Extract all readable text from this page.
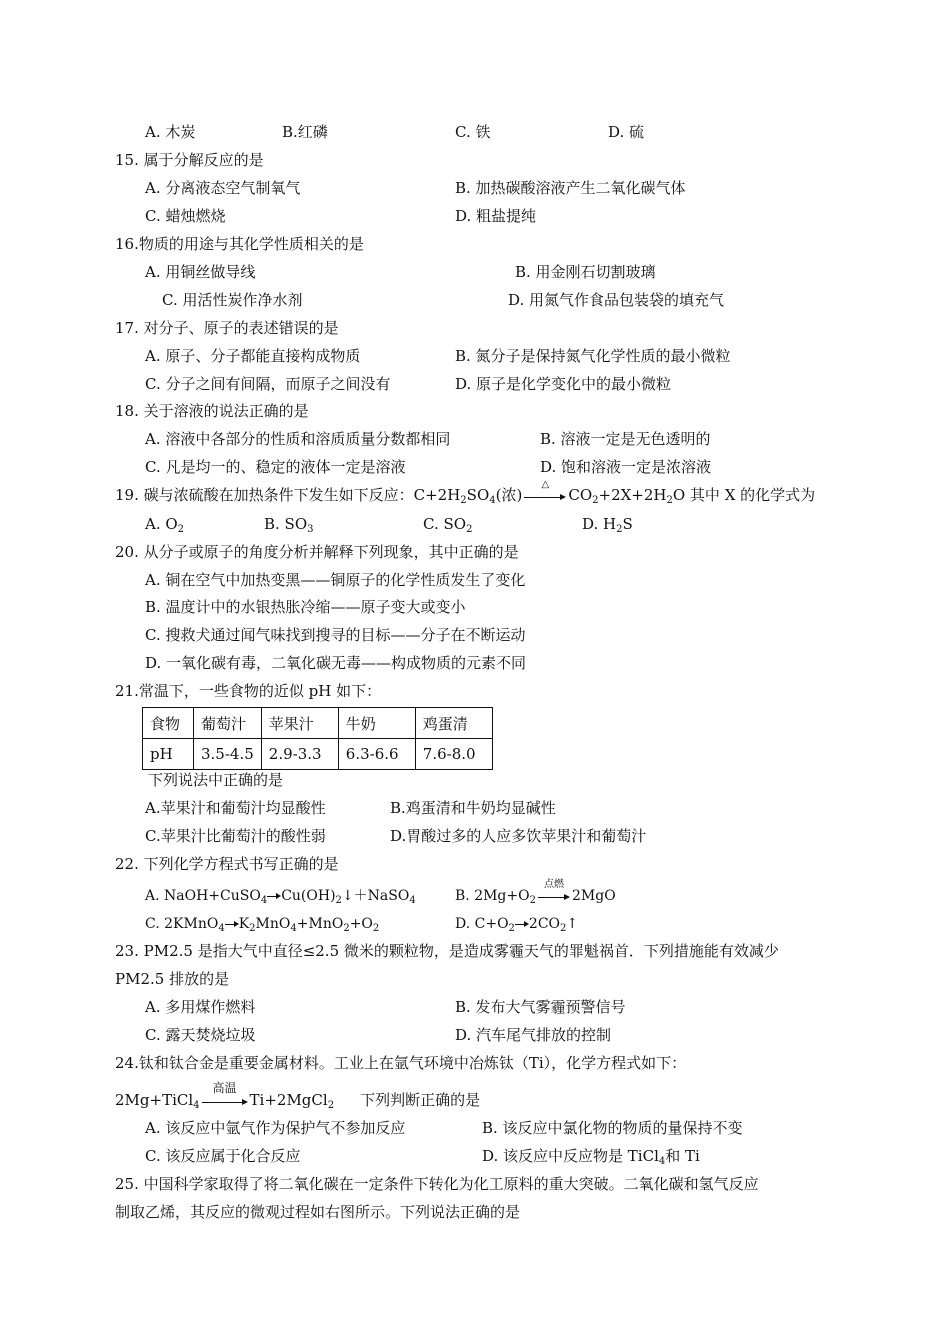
A. 木炭	B.红磷	C. 铁	D. 硫
15. 属于分解反应的是
A. 分离液态空气制氧气	B. 加热碳酸溶液产生二氧化碳气体
C. 蜡烛燃烧	D. 粗盐提纯
16.物质的用途与其化学性质相关的是
A. 用铜丝做导线	B. 用金刚石切割玻璃
C. 用活性炭作净水剂	D. 用氮气作食品包装袋的填充气
17. 对分子、原子的表述错误的是
A. 原子、分子都能直接构成物质	B. 氮分子是保持氮气化学性质的最小微粒
C. 分子之间有间隔，而原子之间没有	D. 原子是化学变化中的最小微粒
18. 关于溶液的说法正确的是
A. 溶液中各部分的性质和溶质质量分数都相同	B. 溶液一定是无色透明的
C. 凡是均一的、稳定的液体一定是溶液	D. 饱和溶液一定是浓溶液
19. 碳与浓硫酸在加热条件下发生如下反应：$C+2H_2SO_4$(浓)
△
$CO_2+2X+2H_2O$ 其中 X 的化学式为
A. $O_2$	B. $SO_3$	C. $SO_2$	D. $H_2S$
20. 从分子或原子的角度分析并解释下列现象，其中正确的是
A. 铜在空气中加热变黑——铜原子的化学性质发生了变化
B. 温度计中的水银热胀冷缩——原子变大或变小
C. 搜救犬通过闻气味找到搜寻的目标——分子在不断运动
D. 一氧化碳有毒，二氧化碳无毒——构成物质的元素不同
21.常温下，一些食物的近似 pH 如下：
食物	葡萄汁	苹果汁	牛奶	鸡蛋清
pH	3.5-4.5	2.9-3.3	6.3-6.6	7.6-8.0
下列说法中正确的是
A.苹果汁和葡萄汁均显酸性	B.鸡蛋清和牛奶均显碱性
C.苹果汁比葡萄汁的酸性弱	D.胃酸过多的人应多饮苹果汁和葡萄汁
22. 下列化学方程式书写正确的是
A. NaOH+CuSO$_4$ $Cu(OH)_2↓+NaSO_4$	B. $2Mg+O_2$
点燃
2MgO
C. 2KMnO$_4$ $K_2MnO_4+MnO_2+O_2$	D. $C+O_2$ $2CO_2↑$
23. PM2.5 是指大气中直径≤2.5 微米的颗粒物，是造成雾霾天气的罪魁祸首．下列措施能有效减少
PM2.5 排放的是
A. 多用煤作燃料	B. 发布大气雾霾预警信号
C. 露天焚烧垃圾	D. 汽车尾气排放的控制
24.钛和钛合金是重要金属材料。工业上在氩气环境中冶炼钛（Ti），化学方程式如下：
2Mg+TiCl$_4$
高温
Ti+2MgCl$_2$ 下列判断正确的是
A. 该反应中氩气作为保护气不参加反应	B. 该反应中氯化物的物质的量保持不变
C. 该反应属于化合反应	D. 该反应中反应物是 TiCl$_4$和 Ti
25. 中国科学家取得了将二氧化碳在一定条件下转化为化工原料的重大突破。二氧化碳和氢气反应
制取乙烯，其反应的微观过程如右图所示。下列说法正确的是
